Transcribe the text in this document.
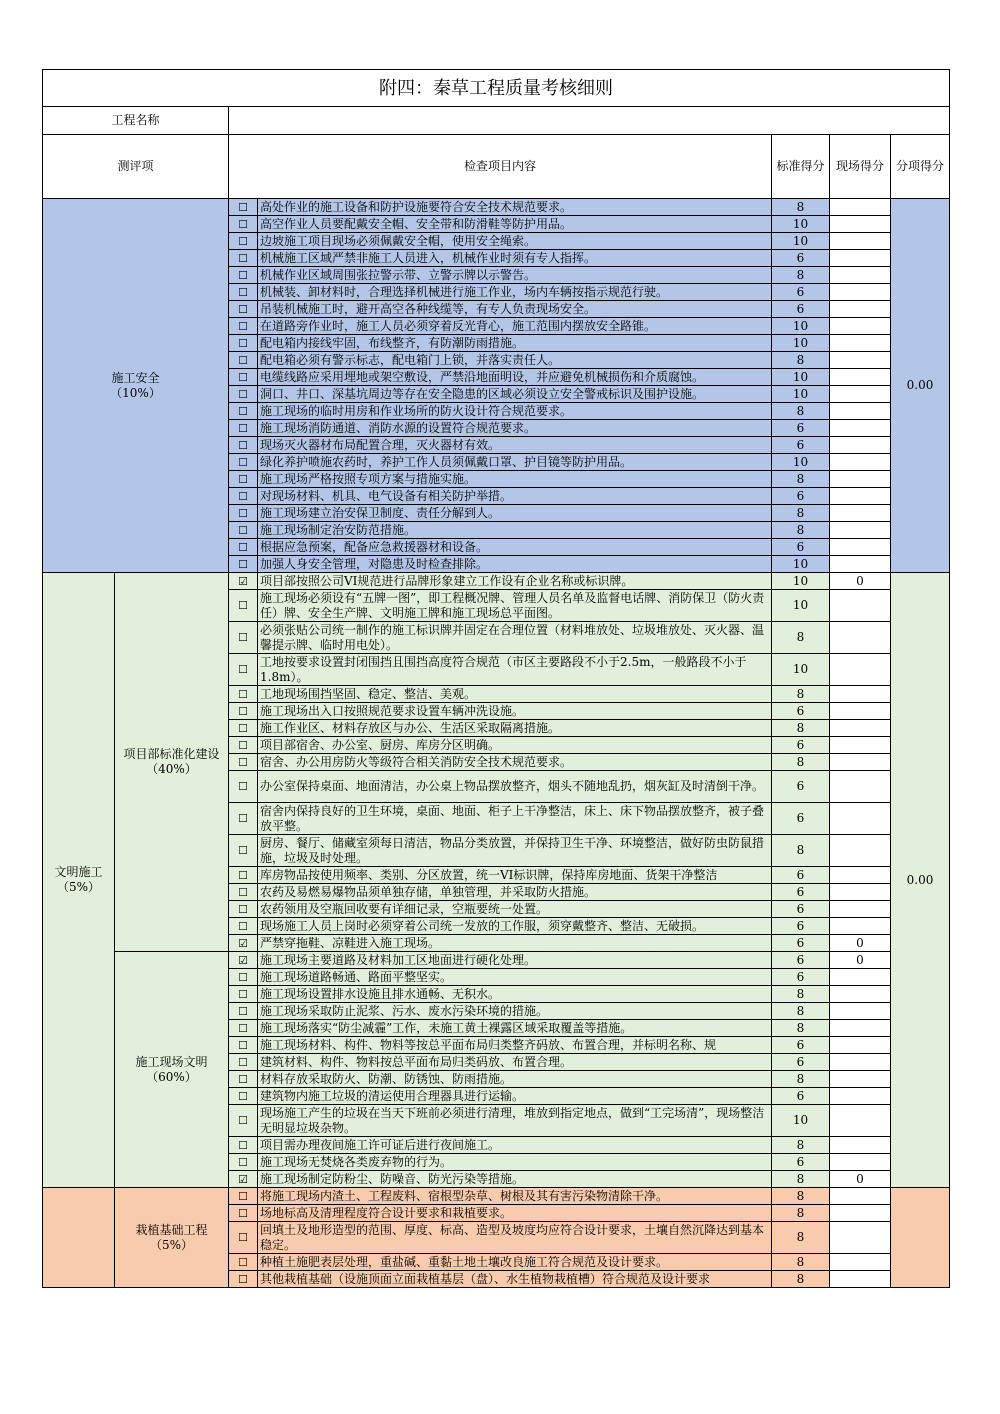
附四：秦草工程质量考核细则						
工程名称						
测评项		检查项目内容		标准得分	现场得分	分项得分

施工安全
（10%）		☐	高处作业的施工设备和防护设施要符合安全技术规范要求。	8		0.00
		☐	高空作业人员要配戴安全帽、安全带和防滑鞋等防护用品。	10		
		☐	边坡施工项目现场必须佩戴安全帽，使用安全绳索。	10		
		☐	机械施工区域严禁非施工人员进入，机械作业时须有专人指挥。	6		
		☐	机械作业区域周围张拉警示带、立警示牌以示警告。	8		
		☐	机械装、卸材料时，合理选择机械进行施工作业，场内车辆按指示规范行驶。	6		
		☐	吊装机械施工时，避开高空各种线缆等，有专人负责现场安全。	6		
		☐	在道路旁作业时，施工人员必须穿着反光背心，施工范围内摆放安全路锥。	10		
		☐	配电箱内接线牢固，布线整齐，有防潮防雨措施。	10		
		☐	配电箱必须有警示标志，配电箱门上锁，并落实责任人。	8		
		☐	电缆线路应采用埋地或架空敷设，严禁沿地面明设，并应避免机械损伤和介质腐蚀。	10		
		☐	洞口、井口、深基坑周边等存在安全隐患的区域必须设立安全警戒标识及围护设施。	10		
		☐	施工现场的临时用房和作业场所的防火设计符合规范要求。	8		
		☐	施工现场消防通道、消防水源的设置符合规范要求。	6		
		☐	现场灭火器材布局配置合理，灭火器材有效。	6		
		☐	绿化养护喷施农药时，养护工作人员须佩戴口罩、护目镜等防护用品。	10		
		☐	施工现场严格按照专项方案与措施实施。	8		
		☐	对现场材料、机具、电气设备有相关防护举措。	6		
		☐	施工现场建立治安保卫制度、责任分解到人。	8		
		☐	施工现场制定治安防范措施。	8		
		☐	根据应急预案，配备应急救援器材和设备。	6		
		☐	加强人身安全管理，对隐患及时检查排除。	10		

文明施工
（5%）	项目部标准化建设
（40%）	☑	项目部按照公司VI规范进行品牌形象建立工作设有企业名称或标识牌。	10	0	0.00
		☐	施工现场必须设有“五牌一图”，即工程概况牌、管理人员名单及监督电话牌、消防保卫（防火责任）牌、安全生产牌、文明施工牌和施工现场总平面图。	10		
		☐	必须张贴公司统一制作的施工标识牌并固定在合理位置（材料堆放处、垃圾堆放处、灭火器、温馨提示牌、临时用电处）。	8		
		☐	工地按要求设置封闭围挡且围挡高度符合规范（市区主要路段不小于2.5m，一般路段不小于1.8m）。	10		
		☐	工地现场围挡坚固、稳定、整洁、美观。	8		
		☐	施工现场出入口按照规范要求设置车辆冲洗设施。	6		
		☐	施工作业区、材料存放区与办公、生活区采取隔离措施。	8		
		☐	项目部宿舍、办公室、厨房、库房分区明确。	6		
		☐	宿舍、办公用房防火等级符合相关消防安全技术规范要求。	8		
		☐	办公室保持桌面、地面清洁，办公桌上物品摆放整齐，烟头不随地乱扔，烟灰缸及时清倒干净。	6		
		☐	宿舍内保持良好的卫生环境，桌面、地面、柜子上干净整洁，床上、床下物品摆放整齐，被子叠放平整。	6		
		☐	厨房、餐厅、储藏室须每日清洁，物品分类放置，并保持卫生干净、环境整洁，做好防虫防鼠措施，垃圾及时处理。	8		
		☐	库房物品按使用频率、类别、分区放置，统一VI标识牌，保持库房地面、货架干净整洁	6		
		☐	农药及易燃易爆物品须单独存储，单独管理，并采取防火措施。	6		
		☐	农药领用及空瓶回收要有详细记录，空瓶要统一处置。	6		
		☐	现场施工人员上岗时必须穿着公司统一发放的工作服，须穿戴整齐、整洁、无破损。	6		
		☑	严禁穿拖鞋、凉鞋进入施工现场。	6	0	

	施工现场文明
（60%）	☑	施工现场主要道路及材料加工区地面进行硬化处理。	6	0	
		☐	施工现场道路畅通、路面平整坚实。	6		
		☐	施工现场设置排水设施且排水通畅、无积水。	8		
		☐	施工现场采取防止泥浆、污水、废水污染环境的措施。	8		
		☐	施工现场落实“防尘减霾”工作，未施工黄土裸露区域采取覆盖等措施。	8		
		☐	施工现场材料、构件、物料等按总平面布局归类整齐码放、布置合理，并标明名称、规	6		
		☐	建筑材料、构件、物料按总平面布局归类码放、布置合理。	6		
		☐	材料存放采取防火、防潮、防锈蚀、防雨措施。	8		
		☐	建筑物内施工垃圾的清运使用合理器具进行运输。	6		
		☐	现场施工产生的垃圾在当天下班前必须进行清理，堆放到指定地点，做到“工完场清”，现场整洁无明显垃圾杂物。	10		
		☐	项目需办理夜间施工许可证后进行夜间施工。	8		
		☐	施工现场无焚烧各类废弃物的行为。	6		
		☑	施工现场制定防粉尘、防噪音、防光污染等措施。	8	0	

	栽植基础工程
（5%）	☐	将施工现场内渣土、工程废料、宿根型杂草、树根及其有害污染物清除干净。	8		
		☐	场地标高及清理程度符合设计要求和栽植要求。	8		
		☐	回填土及地形造型的范围、厚度、标高、造型及坡度均应符合设计要求，土壤自然沉降达到基本稳定。	8		
		☐	种植土施肥表层处理，重盐碱、重黏土地土壤改良施工符合规范及设计要求。	8		
		☐	其他栽植基础（设施顶面立面栽植基层（盘）、水生植物栽植槽）符合规范及设计要求	8		
